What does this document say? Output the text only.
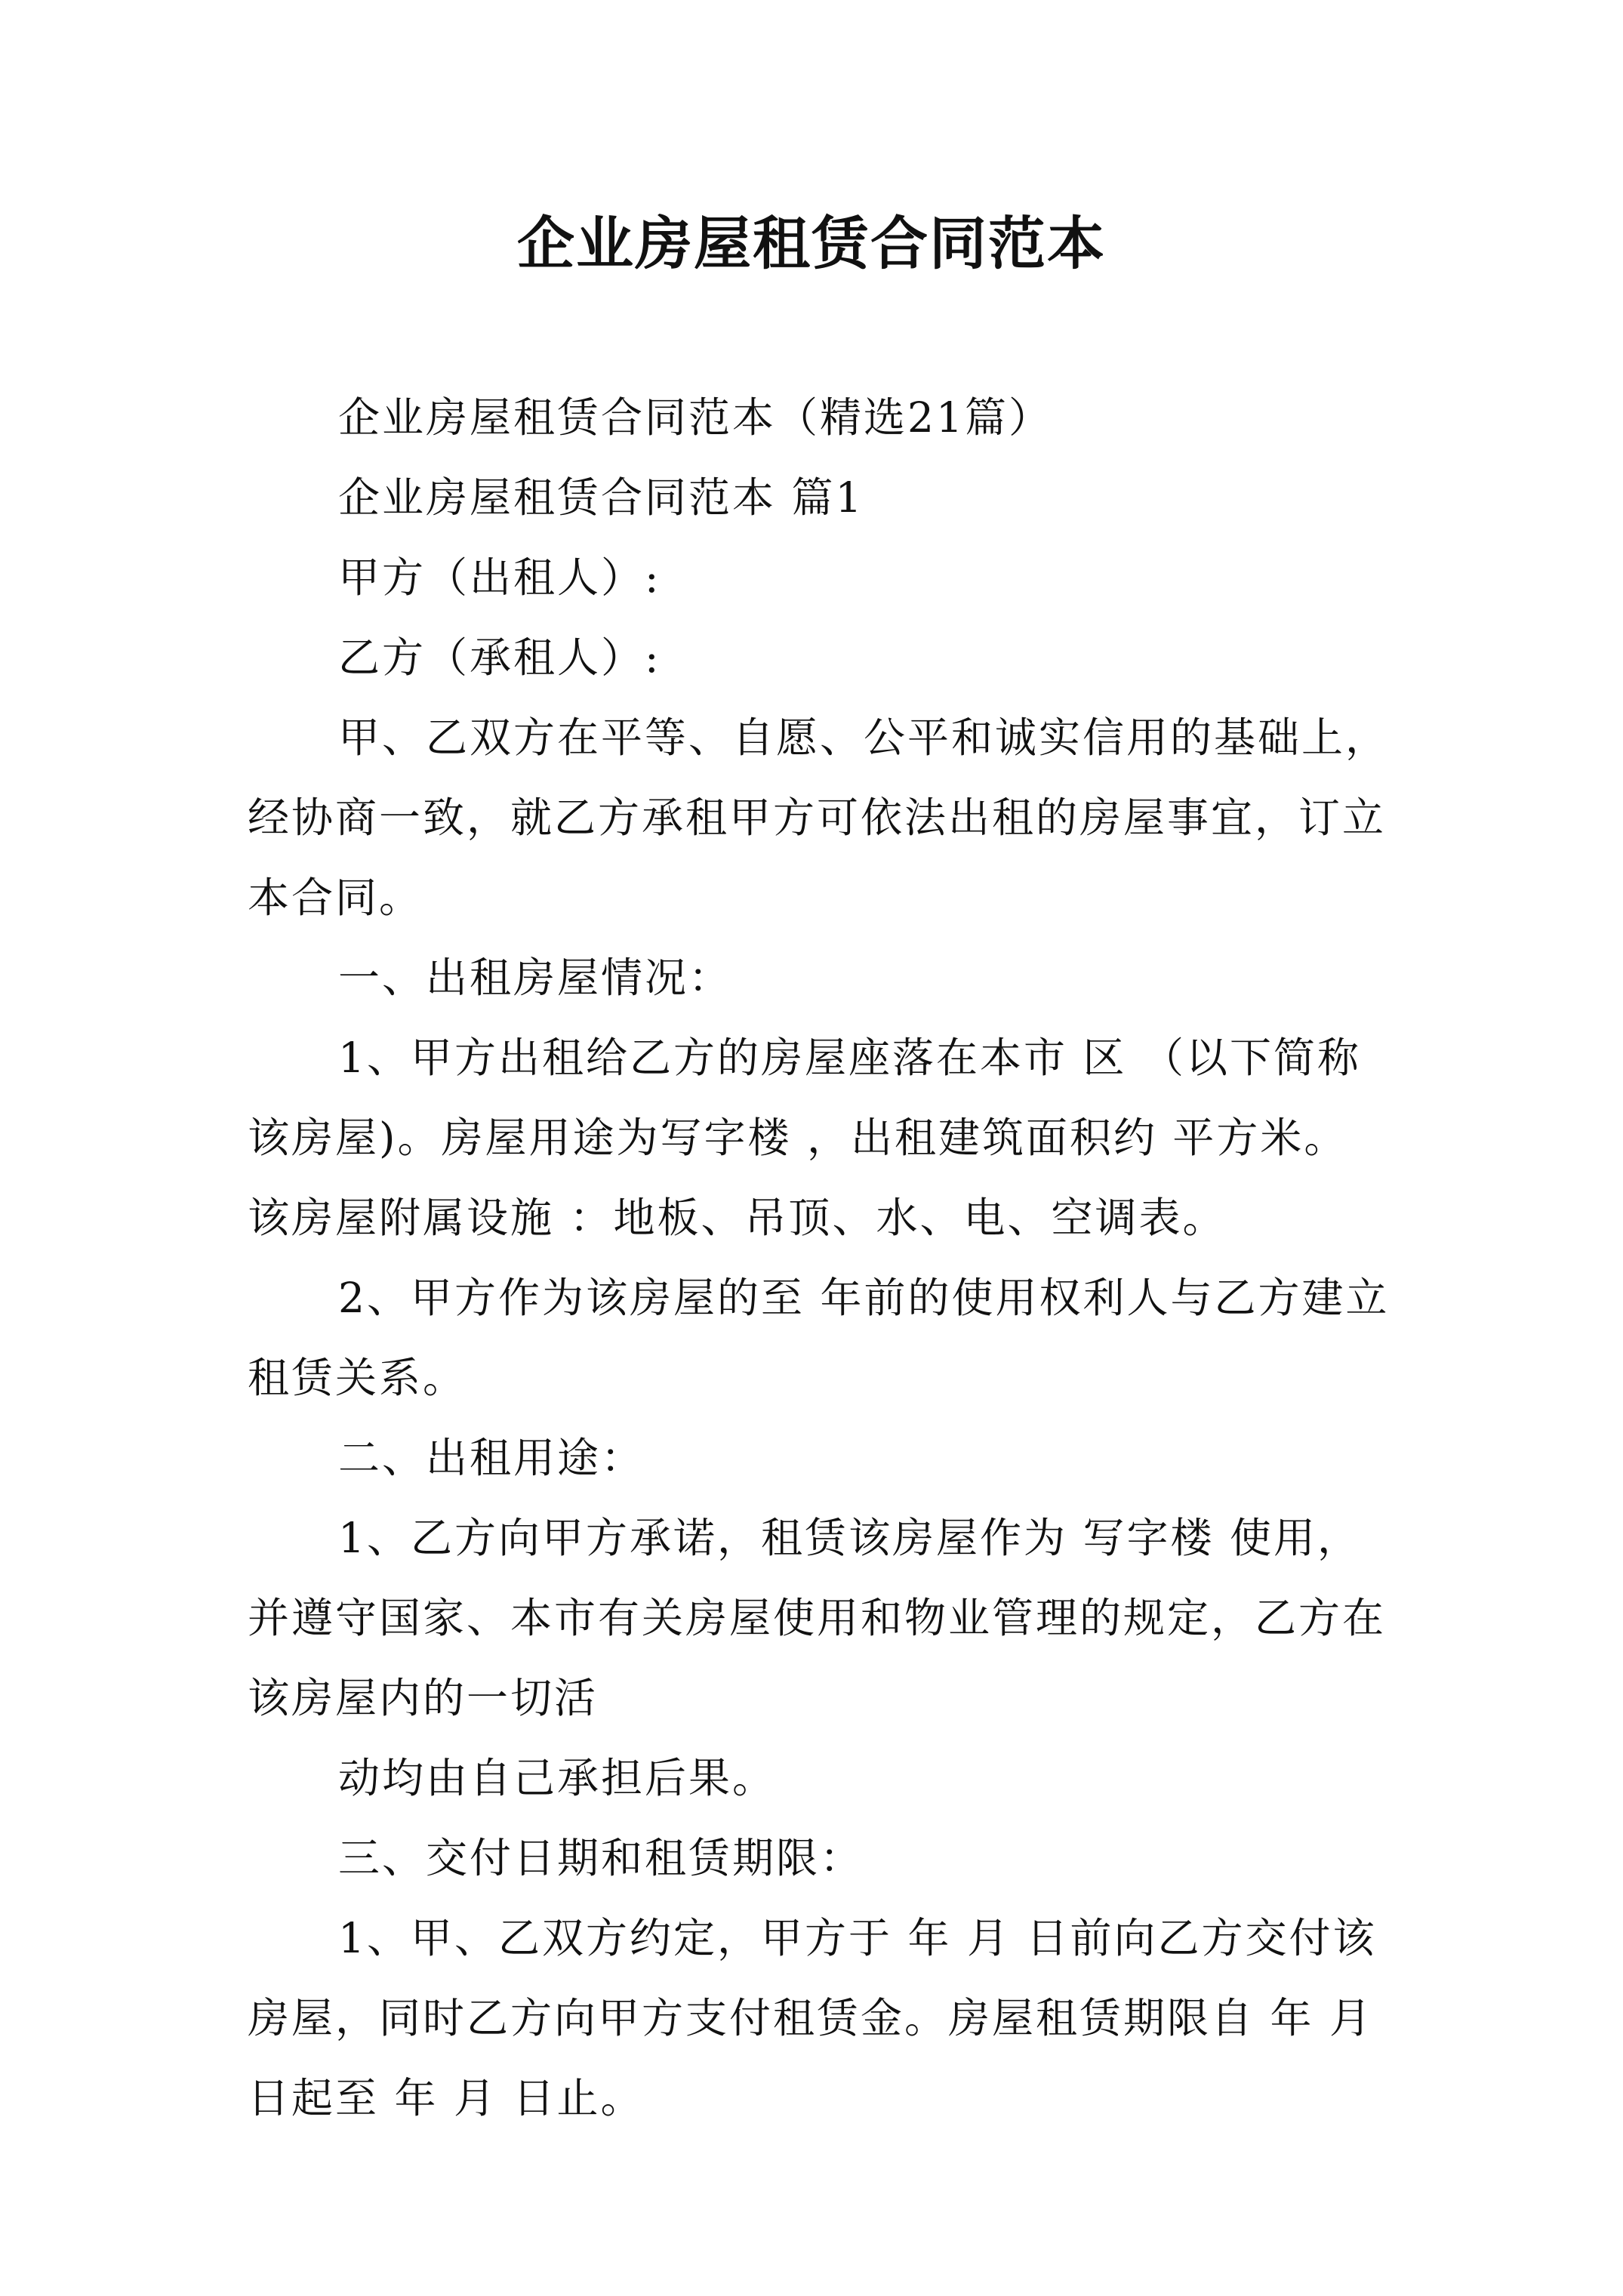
企业房屋租赁合同范本
企业房屋租赁合同范本（精选21篇）
企业房屋租赁合同范本 篇1
甲方（出租人）:
乙方（承租人）:
甲、乙双方在平等、自愿、公平和诚实信用的基础上，
经协商一致，就乙方承租甲方可依法出租的房屋事宜，订立
本合同。
一、出租房屋情况：
1、甲方出租给乙方的房屋座落在本市 区 （以下简称
该房屋)。房屋用途为写字楼 ，出租建筑面积约 平方米。
该房屋附属设施 ：地板、吊顶、水、电、空调表。
2、甲方作为该房屋的至 年前的使用权利人与乙方建立
租赁关系。
二、出租用途：
1、乙方向甲方承诺，租赁该房屋作为 写字楼 使用，
并遵守国家、本市有关房屋使用和物业管理的规定，乙方在
该房屋内的一切活
动均由自己承担后果。
三、交付日期和租赁期限：
1、甲、乙双方约定，甲方于 年 月 日前向乙方交付该
房屋，同时乙方向甲方支付租赁金。房屋租赁期限自 年 月
日起至 年 月 日止。
